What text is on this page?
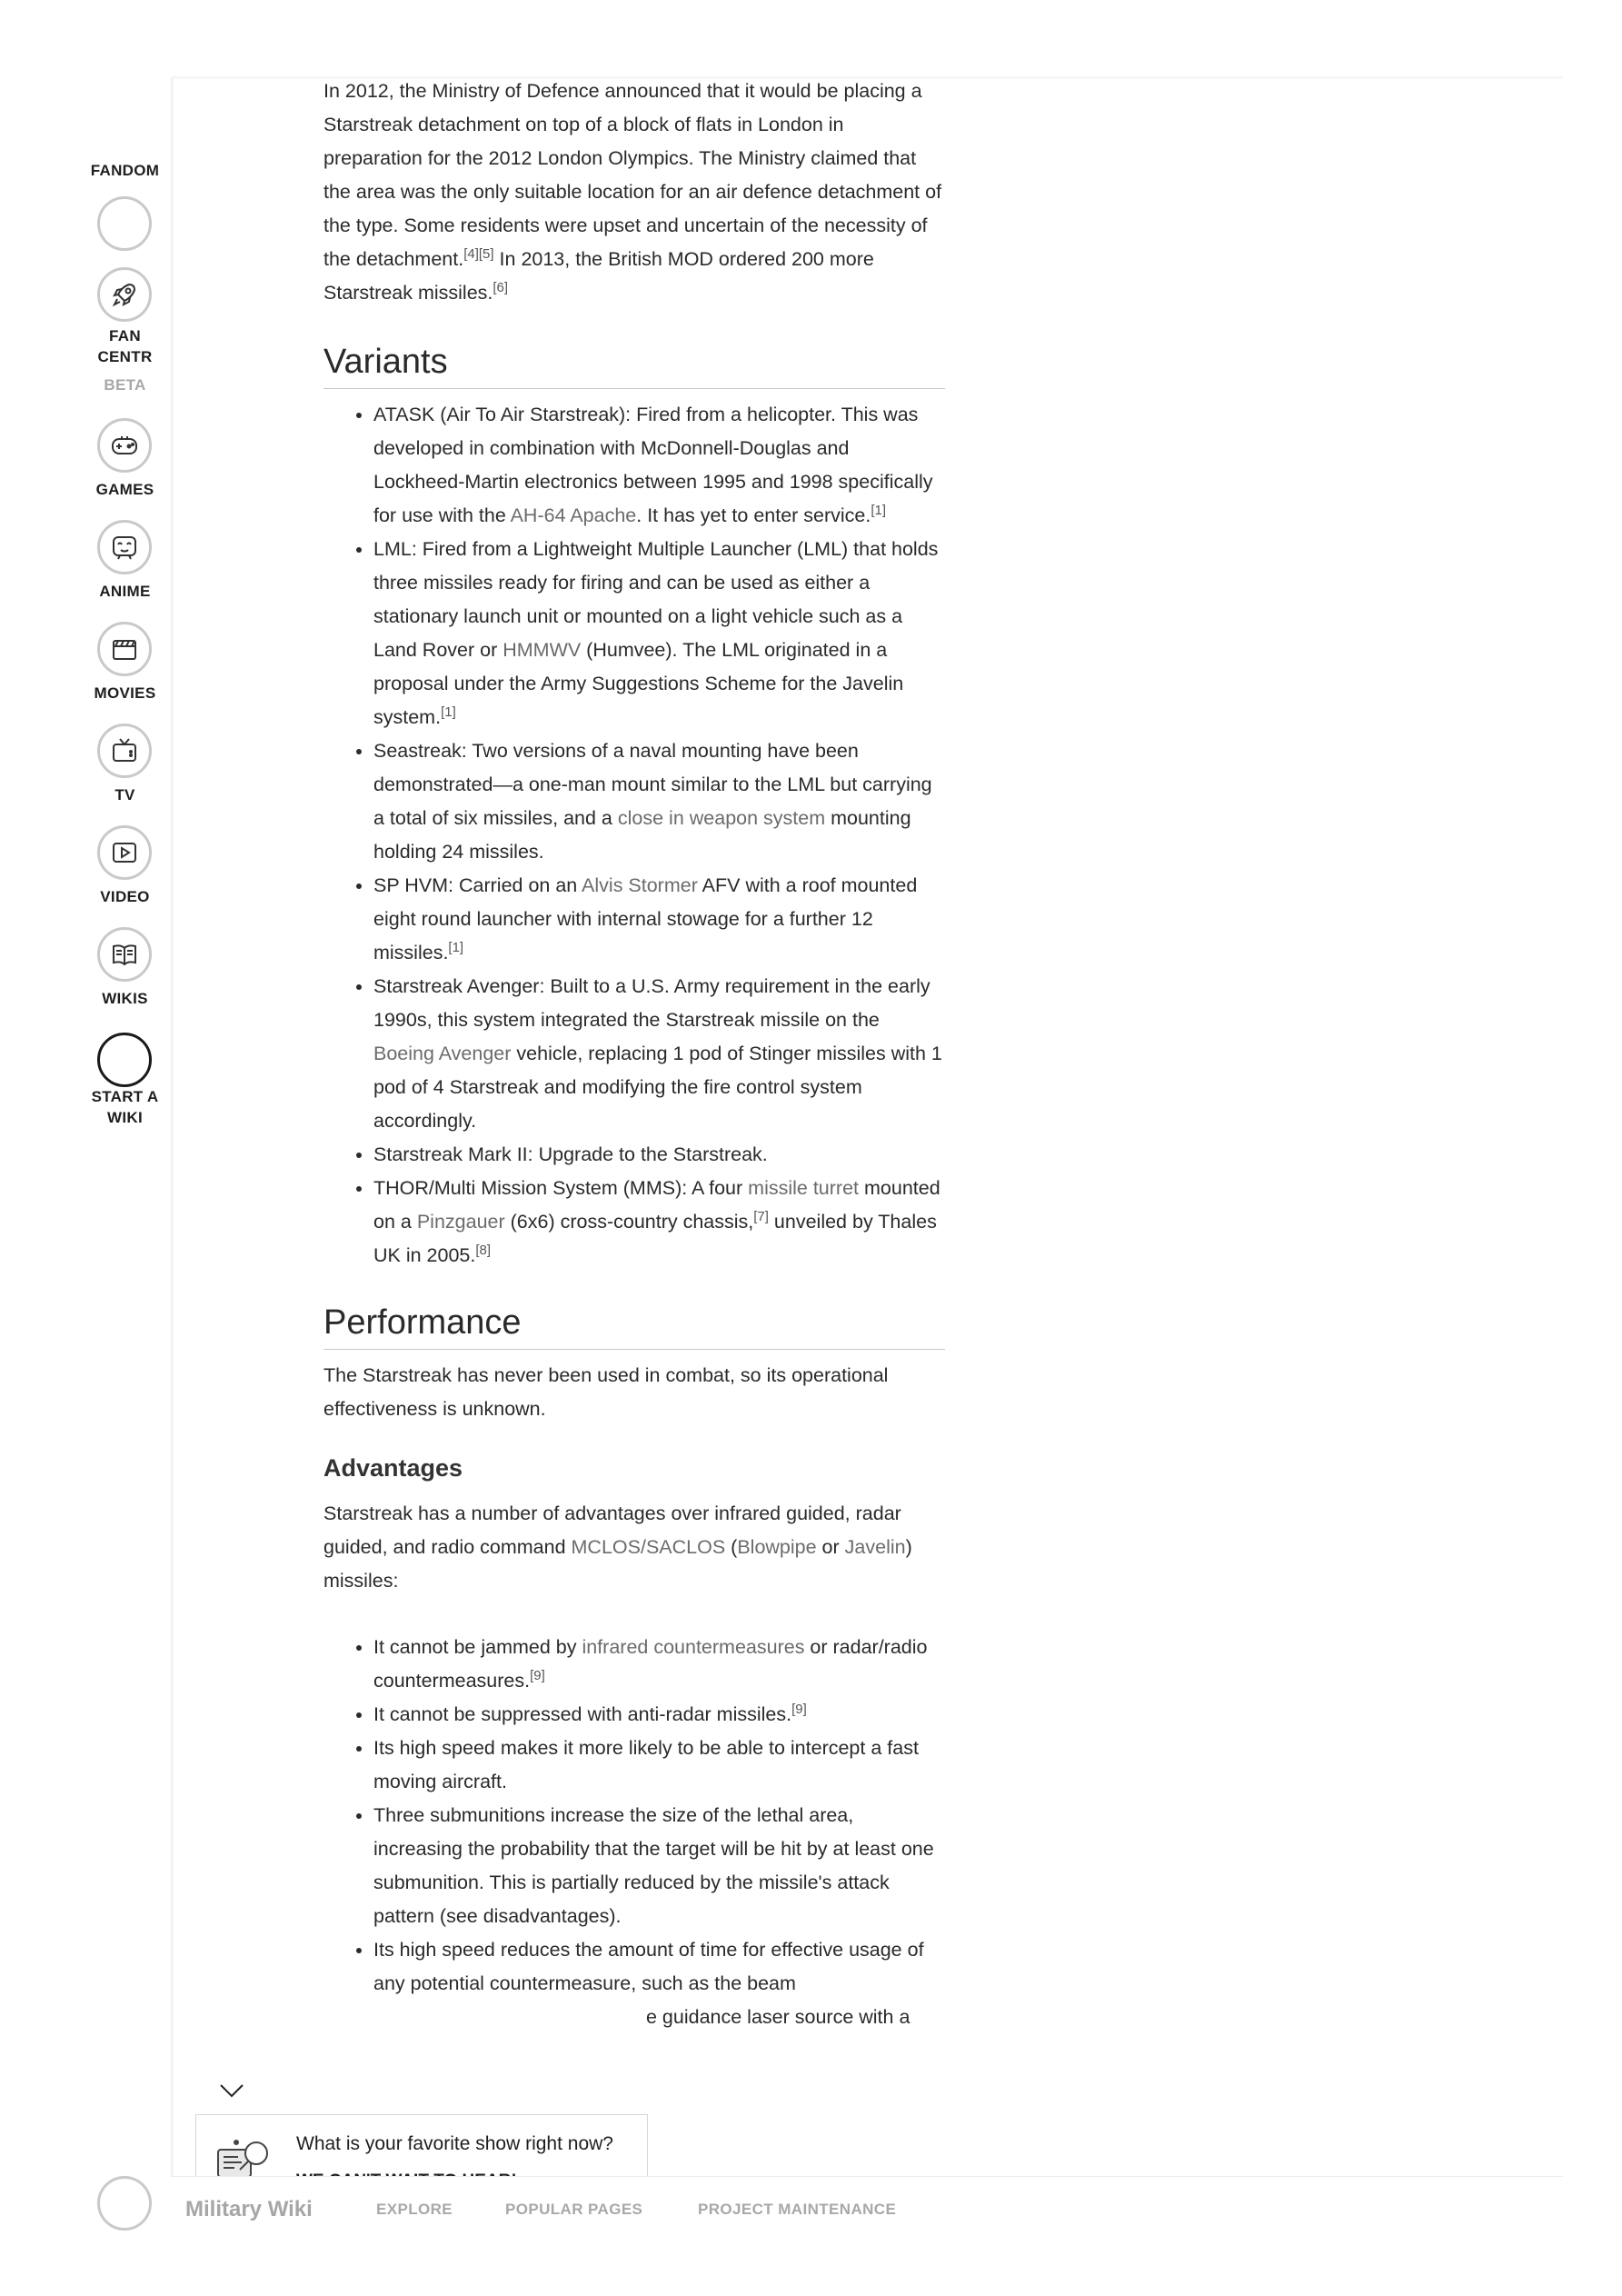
FANDOM
FAN
CENTR
BETA
GAMES
ANIME
MOVIES
TV
VIDEO
WIKIS
START A
WIKI

In 2012, the Ministry of Defence announced that it would be placing a Starstreak detachment on top of a block of flats in London in preparation for the 2012 London Olympics. The Ministry claimed that the area was the only suitable location for an air defence detachment of the type. Some residents were upset and uncertain of the necessity of the detachment.[4][5] In 2013, the British MOD ordered 200 more Starstreak missiles.[6]

Variants
• ATASK (Air To Air Starstreak): Fired from a helicopter. This was developed in combination with McDonnell-Douglas and Lockheed-Martin electronics between 1995 and 1998 specifically for use with the AH-64 Apache. It has yet to enter service.[1]
• LML: Fired from a Lightweight Multiple Launcher (LML) that holds three missiles ready for firing and can be used as either a stationary launch unit or mounted on a light vehicle such as a Land Rover or HMMWV (Humvee). The LML originated in a proposal under the Army Suggestions Scheme for the Javelin system.[1]
• Seastreak: Two versions of a naval mounting have been demonstrated—a one-man mount similar to the LML but carrying a total of six missiles, and a close in weapon system mounting holding 24 missiles.
• SP HVM: Carried on an Alvis Stormer AFV with a roof mounted eight round launcher with internal stowage for a further 12 missiles.[1]
• Starstreak Avenger: Built to a U.S. Army requirement in the early 1990s, this system integrated the Starstreak missile on the Boeing Avenger vehicle, replacing 1 pod of Stinger missiles with 1 pod of 4 Starstreak and modifying the fire control system accordingly.
• Starstreak Mark II: Upgrade to the Starstreak.
• THOR/Multi Mission System (MMS): A four missile turret mounted on a Pinzgauer (6x6) cross-country chassis,[7] unveiled by Thales UK in 2005.[8]
Performance

The Starstreak has never been used in combat, so its operational effectiveness is unknown.

Advantages

Starstreak has a number of advantages over infrared guided, radar guided, and radio command MCLOS/SACLOS (Blowpipe or Javelin) missiles:

• It cannot be jammed by infrared countermeasures or radar/radio countermeasures.[9]
• It cannot be suppressed with anti-radar missiles.[9]
• Its high speed makes it more likely to be able to intercept a fast moving aircraft.
• Three submunitions increase the size of the lethal area, increasing the probability that the target will be hit by at least one submunition. This is partially reduced by the missile's attack pattern (see disadvantages).
• Its high speed reduces the amount of time for effective usage of any potential countermeasure, such as the beam
e guidance laser source with a
What is your favorite show right now?
Military Wiki	EXPLORE	POPULAR PAGES	PROJECT MAINTENANCE
